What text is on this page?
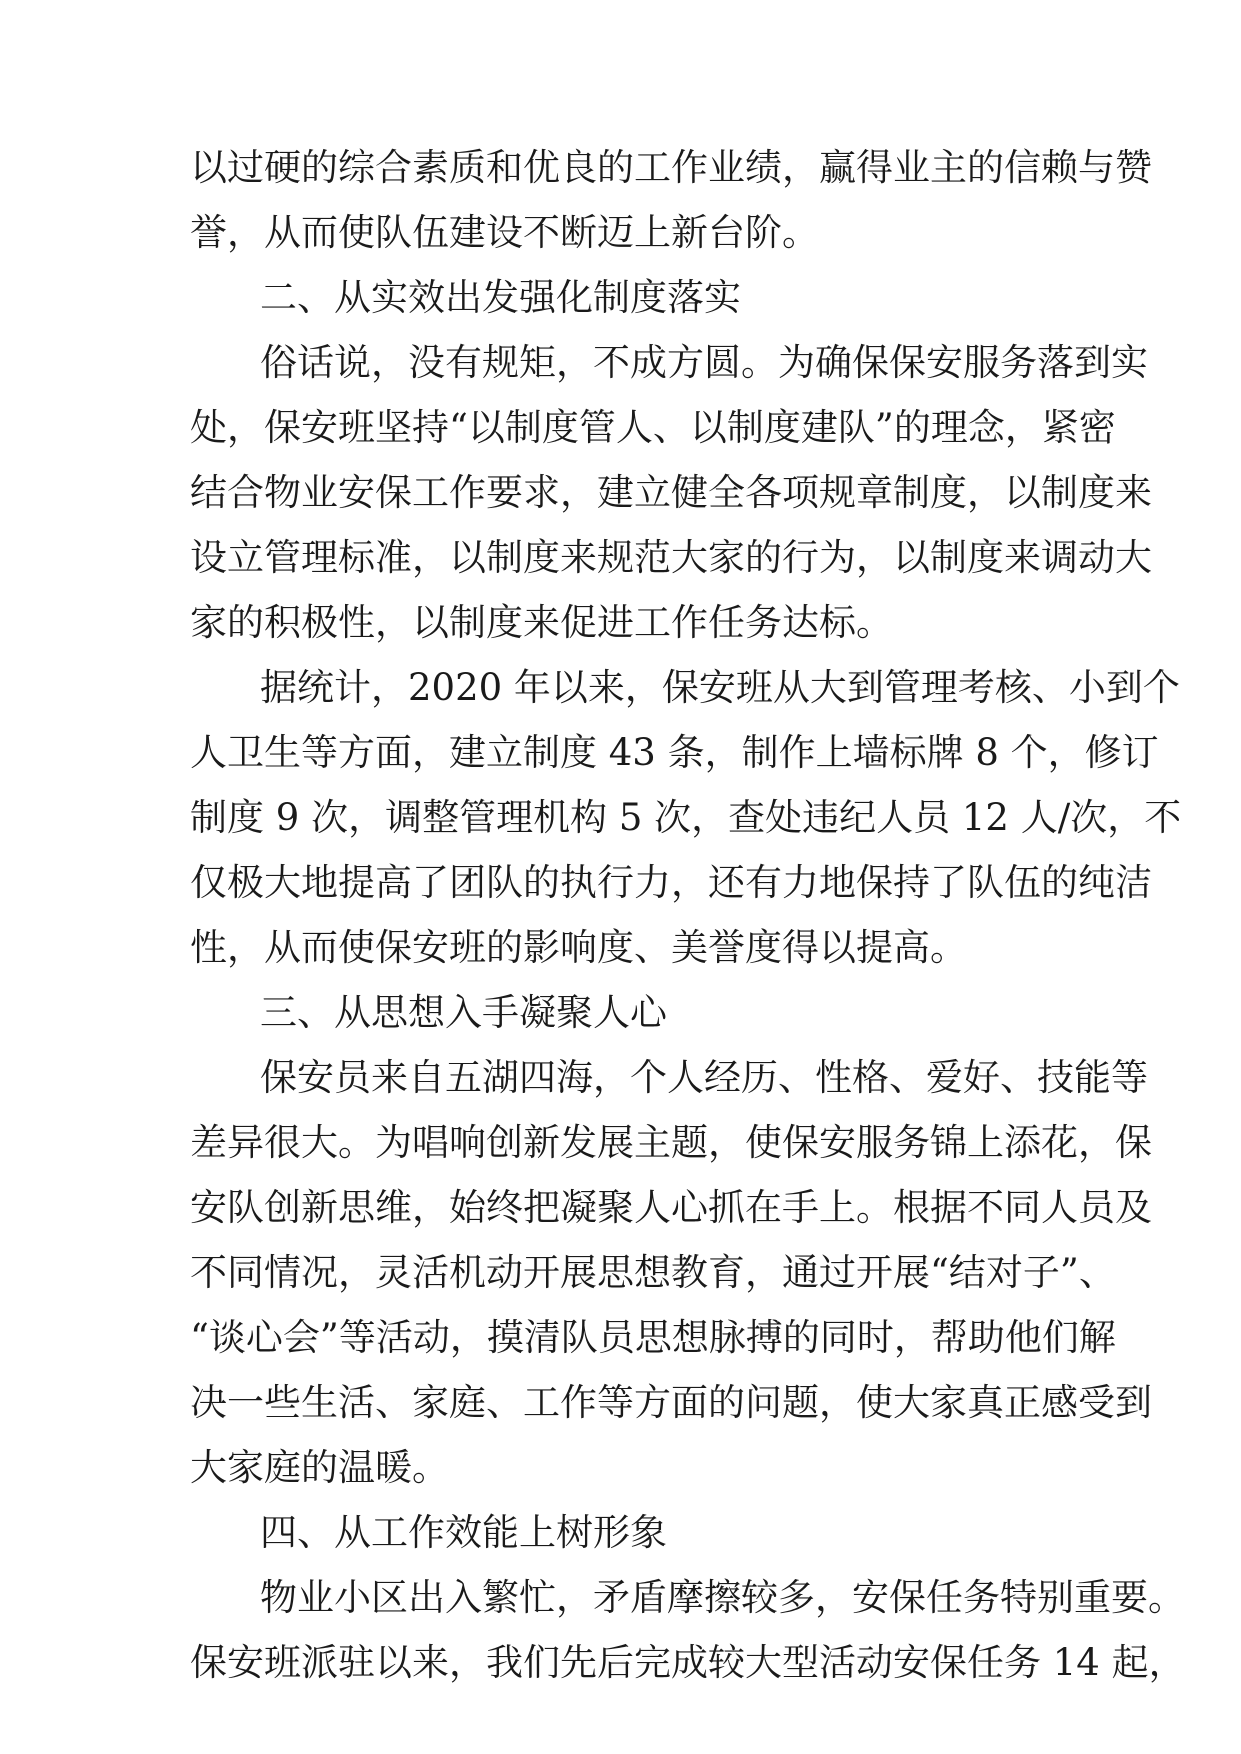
以过硬的综合素质和优良的工作业绩，赢得业主的信赖与赞
誉，从而使队伍建设不断迈上新台阶。
二、从实效出发强化制度落实
俗话说，没有规矩，不成方圆。为确保保安服务落到实
处，保安班坚持“以制度管人、以制度建队”的理念，紧密
结合物业安保工作要求，建立健全各项规章制度，以制度来
设立管理标准，以制度来规范大家的行为，以制度来调动大
家的积极性，以制度来促进工作任务达标。
据统计，2020 年以来，保安班从大到管理考核、小到个
人卫生等方面，建立制度 43 条，制作上墙标牌 8 个，修订
制度 9 次，调整管理机构 5 次，查处违纪人员 12 人/次，不
仅极大地提高了团队的执行力，还有力地保持了队伍的纯洁
性，从而使保安班的影响度、美誉度得以提高。
三、从思想入手凝聚人心
保安员来自五湖四海，个人经历、性格、爱好、技能等
差异很大。为唱响创新发展主题，使保安服务锦上添花，保
安队创新思维，始终把凝聚人心抓在手上。根据不同人员及
不同情况，灵活机动开展思想教育，通过开展“结对子”、
“谈心会”等活动，摸清队员思想脉搏的同时，帮助他们解
决一些生活、家庭、工作等方面的问题，使大家真正感受到
大家庭的温暖。
四、从工作效能上树形象
物业小区出入繁忙，矛盾摩擦较多，安保任务特别重要。
保安班派驻以来，我们先后完成较大型活动安保任务 14 起，
